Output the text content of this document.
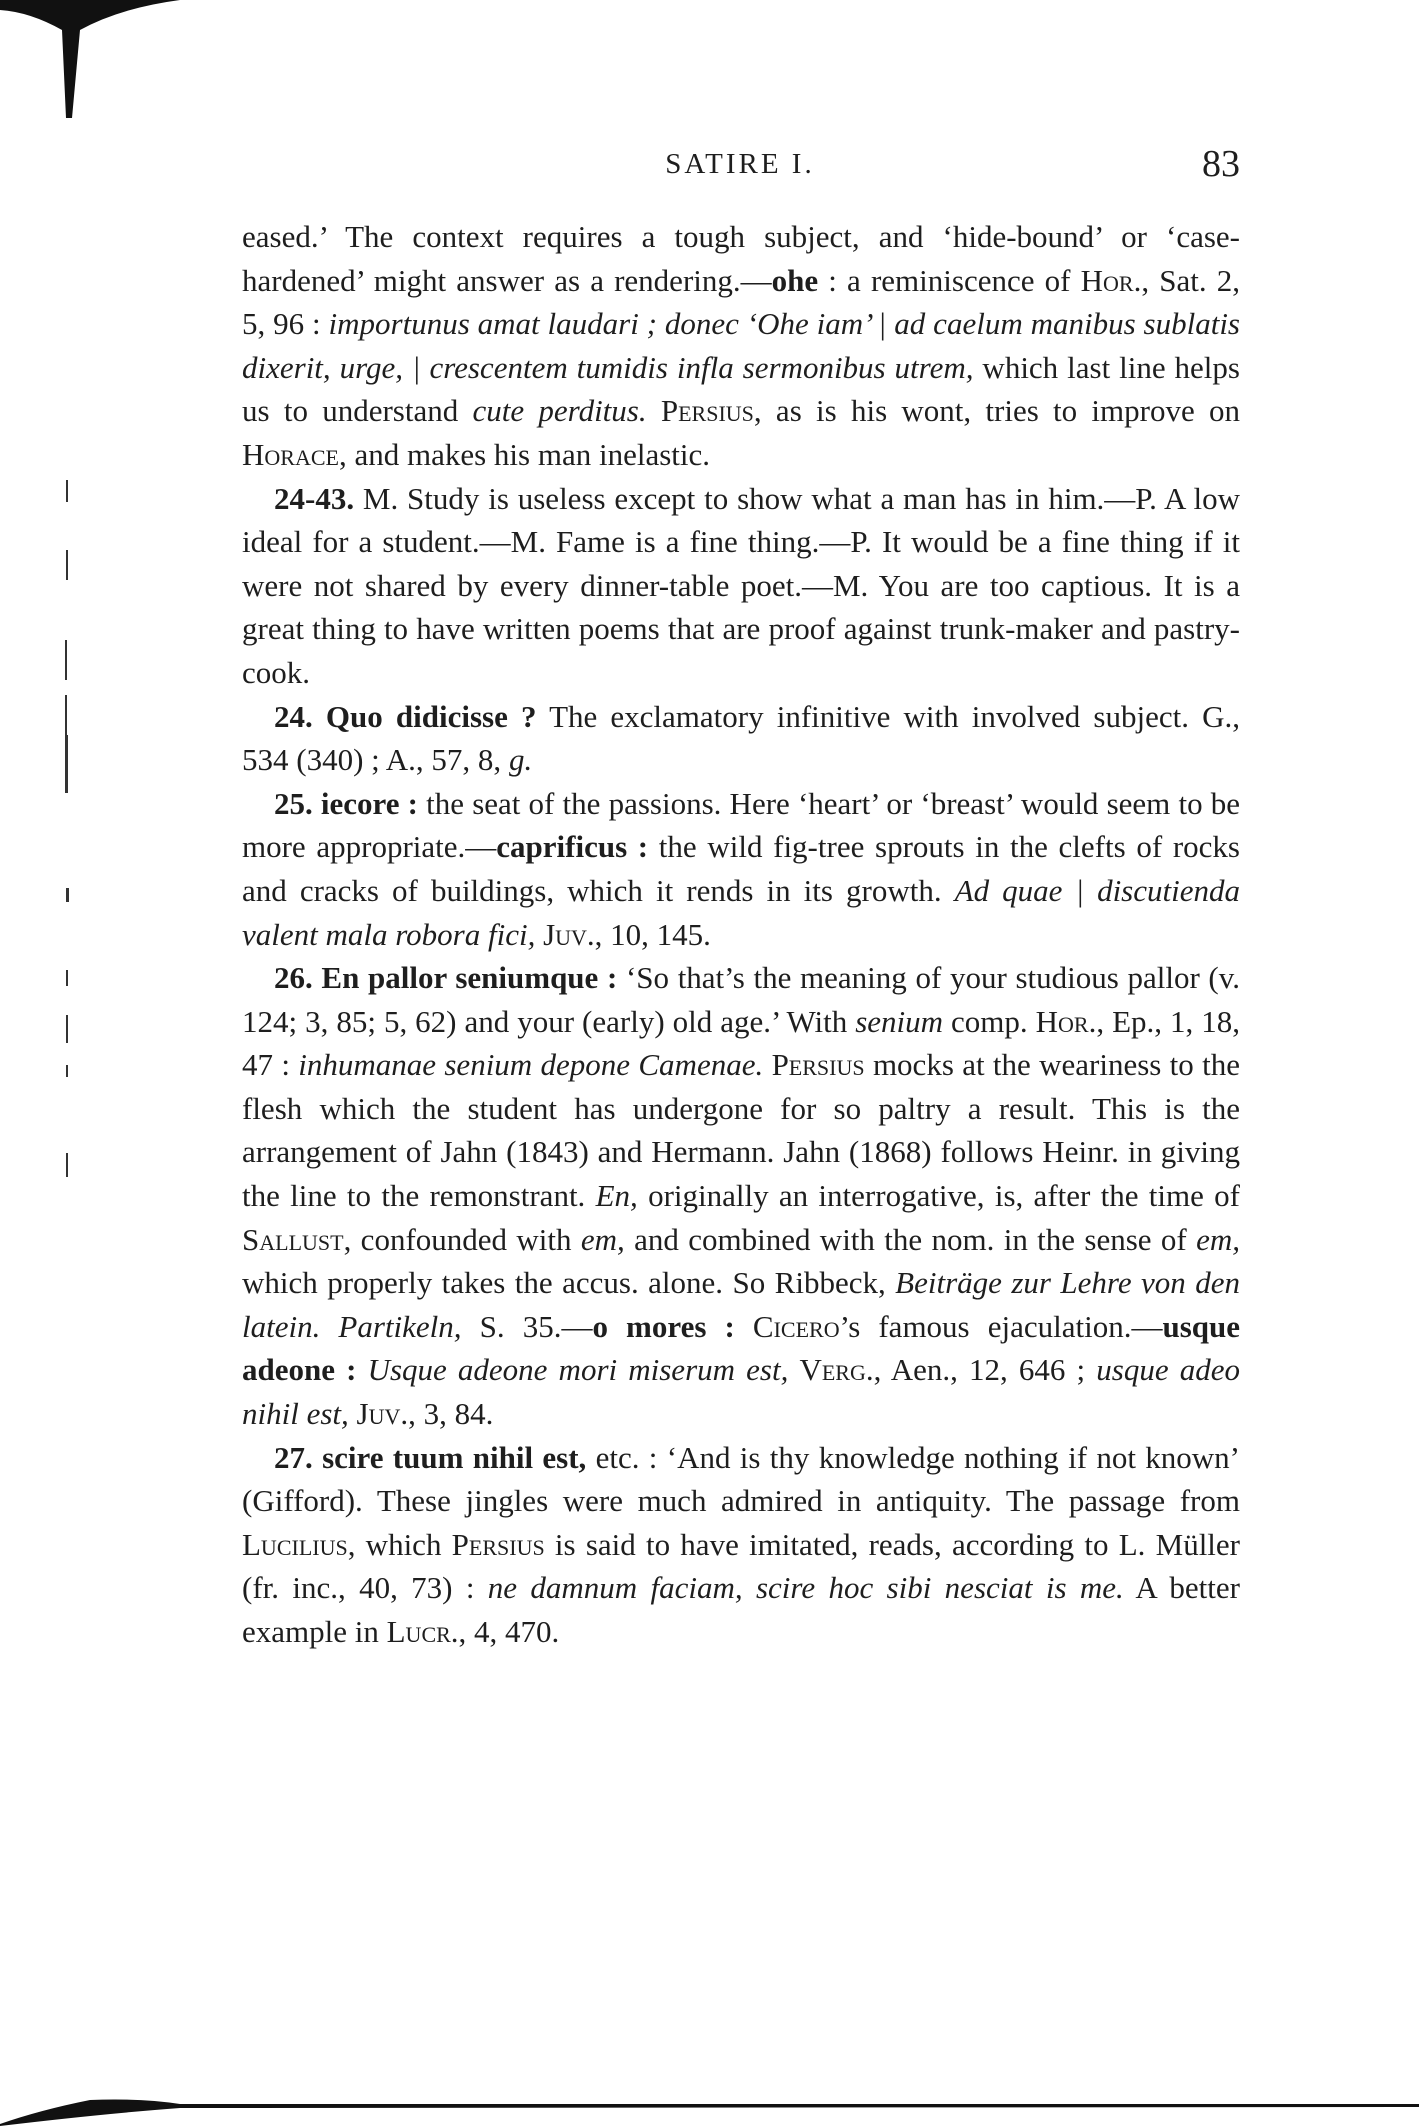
SATIRE I.	83

eased.’ The context requires a tough subject, and ‘hide-bound’ or ‘case-hardened’ might answer as a rendering.—ohe : a reminiscence of Hor., Sat. 2, 5, 96 : importunus amat laudari ; donec ‘Ohe iam’ | ad caelum manibus sublatis dixerit, urge, | crescentem tumidis infla sermonibus utrem, which last line helps us to understand cute perditus. Persius, as is his wont, tries to improve on Horace, and makes his man inelastic.

24-43. M. Study is useless except to show what a man has in him.—P. A low ideal for a student.—M. Fame is a fine thing.—P. It would be a fine thing if it were not shared by every dinner-table poet.—M. You are too captious. It is a great thing to have written poems that are proof against trunk-maker and pastry-cook.

24. Quo didicisse ? The exclamatory infinitive with involved subject. G., 534 (340) ; A., 57, 8, g.

25. iecore : the seat of the passions. Here ‘heart’ or ‘breast’ would seem to be more appropriate.—caprificus : the wild fig-tree sprouts in the clefts of rocks and cracks of buildings, which it rends in its growth. Ad quae | discutienda valent mala robora fici, Juv., 10, 145.

26. En pallor seniumque : ‘So that’s the meaning of your studious pallor (v. 124; 3, 85; 5, 62) and your (early) old age.’ With senium comp. Hor., Ep., 1, 18, 47 : inhumanae senium depone Camenae. Persius mocks at the weariness to the flesh which the student has undergone for so paltry a result. This is the arrangement of Jahn (1843) and Hermann. Jahn (1868) follows Heinr. in giving the line to the remonstrant. En, originally an interrogative, is, after the time of Sallust, confounded with em, and combined with the nom. in the sense of em, which properly takes the accus. alone. So Ribbeck, Beiträge zur Lehre von den latein. Partikeln, S. 35.—o mores : Cicero’s famous ejaculation.—usque adeone : Usque adeone mori miserum est, Verg., Aen., 12, 646 ; usque adeo nihil est, Juv., 3, 84.

27. scire tuum nihil est, etc. : ‘And is thy knowledge nothing if not known’ (Gifford). These jingles were much admired in antiquity. The passage from Lucilius, which Persius is said to have imitated, reads, according to L. Müller (fr. inc., 40, 73) : ne damnum faciam, scire hoc sibi nesciat is me. A better example in Lucr., 4, 470.
